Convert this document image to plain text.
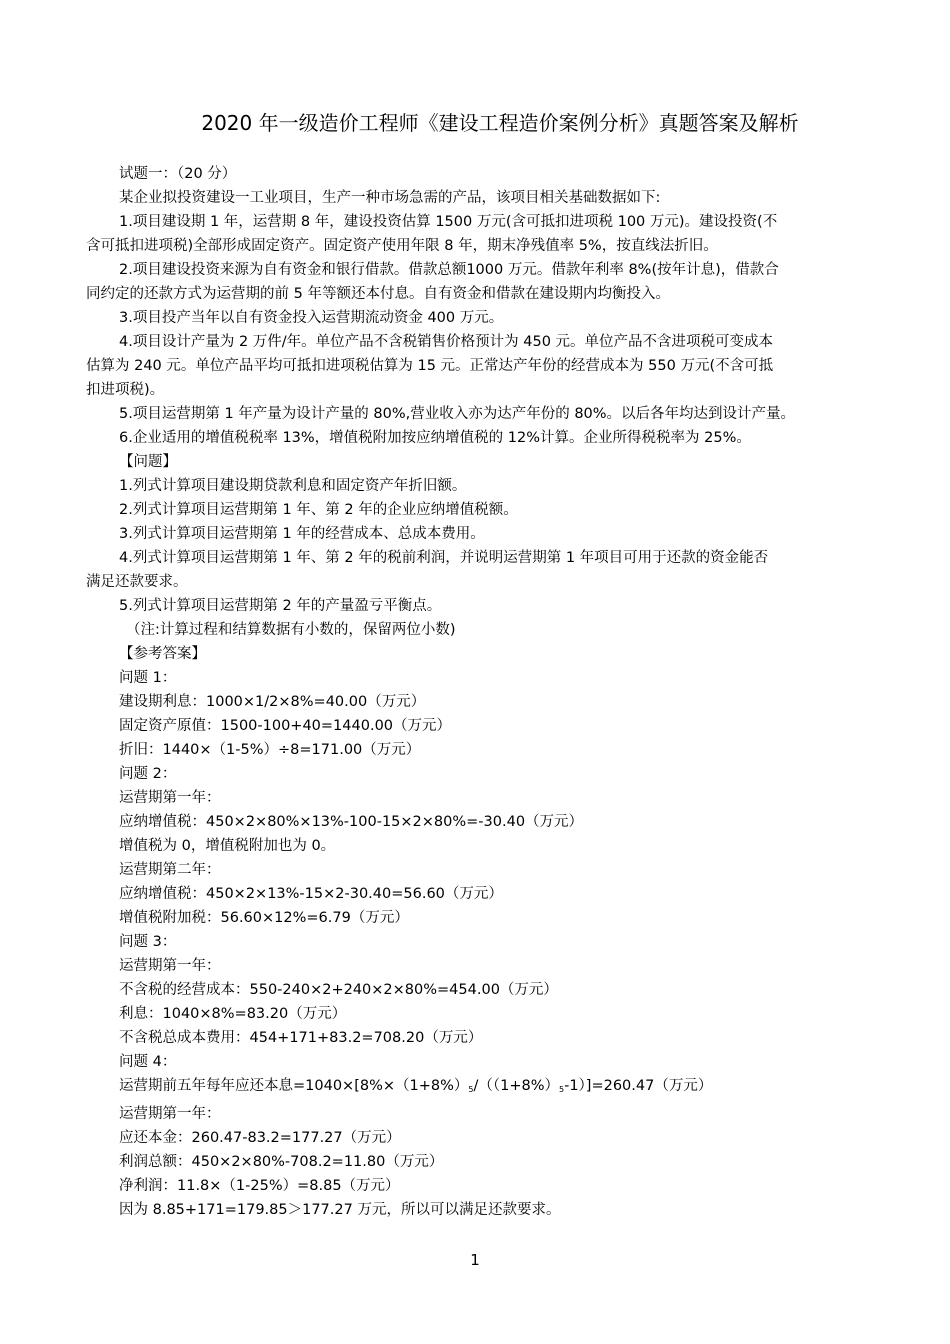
2020 年一级造价工程师《建设工程造价案例分析》真题答案及解析
试题一：（20 分）
某企业拟投资建设一工业项目，生产一种市场急需的产品，该项目相关基础数据如下:
1.项目建设期 1 年，运营期 8 年，建设投资估算 1500 万元(含可抵扣进项税 100 万元)。建设投资(不
含可抵扣进项税)全部形成固定资产。固定资产使用年限 8 年，期末净残值率 5%，按直线法折旧。
2.项目建设投资来源为自有资金和银行借款。借款总额1000 万元。借款年利率 8%(按年计息)，借款合
同约定的还款方式为运营期的前 5 年等额还本付息。自有资金和借款在建设期内均衡投入。
3.项目投产当年以自有资金投入运营期流动资金 400 万元。
4.项目设计产量为 2 万件/年。单位产品不含税销售价格预计为 450 元。单位产品不含进项税可变成本
估算为 240 元。单位产品平均可抵扣进项税估算为 15 元。正常达产年份的经营成本为 550 万元(不含可抵
扣进项税)。
5.项目运营期第 1 年产量为设计产量的 80%,营业收入亦为达产年份的 80%。以后各年均达到设计产量。
6.企业适用的增值税税率 13%，增值税附加按应纳增值税的 12%计算。企业所得税税率为 25%。
【问题】
1.列式计算项目建设期贷款利息和固定资产年折旧额。
2.列式计算项目运营期第 1 年、第 2 年的企业应纳增值税额。
3.列式计算项目运营期第 1 年的经营成本、总成本费用。
4.列式计算项目运营期第 1 年、第 2 年的税前利润，并说明运营期第 1 年项目可用于还款的资金能否
满足还款要求。
5.列式计算项目运营期第 2 年的产量盈亏平衡点。
（注:计算过程和结算数据有小数的，保留两位小数)
【参考答案】
问题 1：
建设期利息：1000×1/2×8%=40.00（万元）
固定资产原值：1500-100+40=1440.00（万元）
折旧：1440×（1-5%）÷8=171.00（万元）
问题 2：
运营期第一年：
应纳增值税：450×2×80%×13%-100-15×2×80%=-30.40（万元）
增值税为 0，增值税附加也为 0。
运营期第二年：
应纳增值税：450×2×13%-15×2-30.40=56.60（万元）
增值税附加税：56.60×12%=6.79（万元）
问题 3：
运营期第一年：
不含税的经营成本：550-240×2+240×2×80%=454.00（万元）
利息：1040×8%=83.20（万元）
不含税总成本费用：454+171+83.2=708.20（万元）
问题 4：
运营期前五年每年应还本息$=1040\times[8\%\times(1+8\%)_5/((1+8\%)_5-1)]=260.47$（万元）
运营期第一年：
应还本金：260.47-83.2=177.27（万元）
利润总额：450×2×80%-708.2=11.80（万元）
净利润：11.8×（1-25%）=8.85（万元）
因为 8.85+171=179.85＞177.27 万元，所以可以满足还款要求。
1
